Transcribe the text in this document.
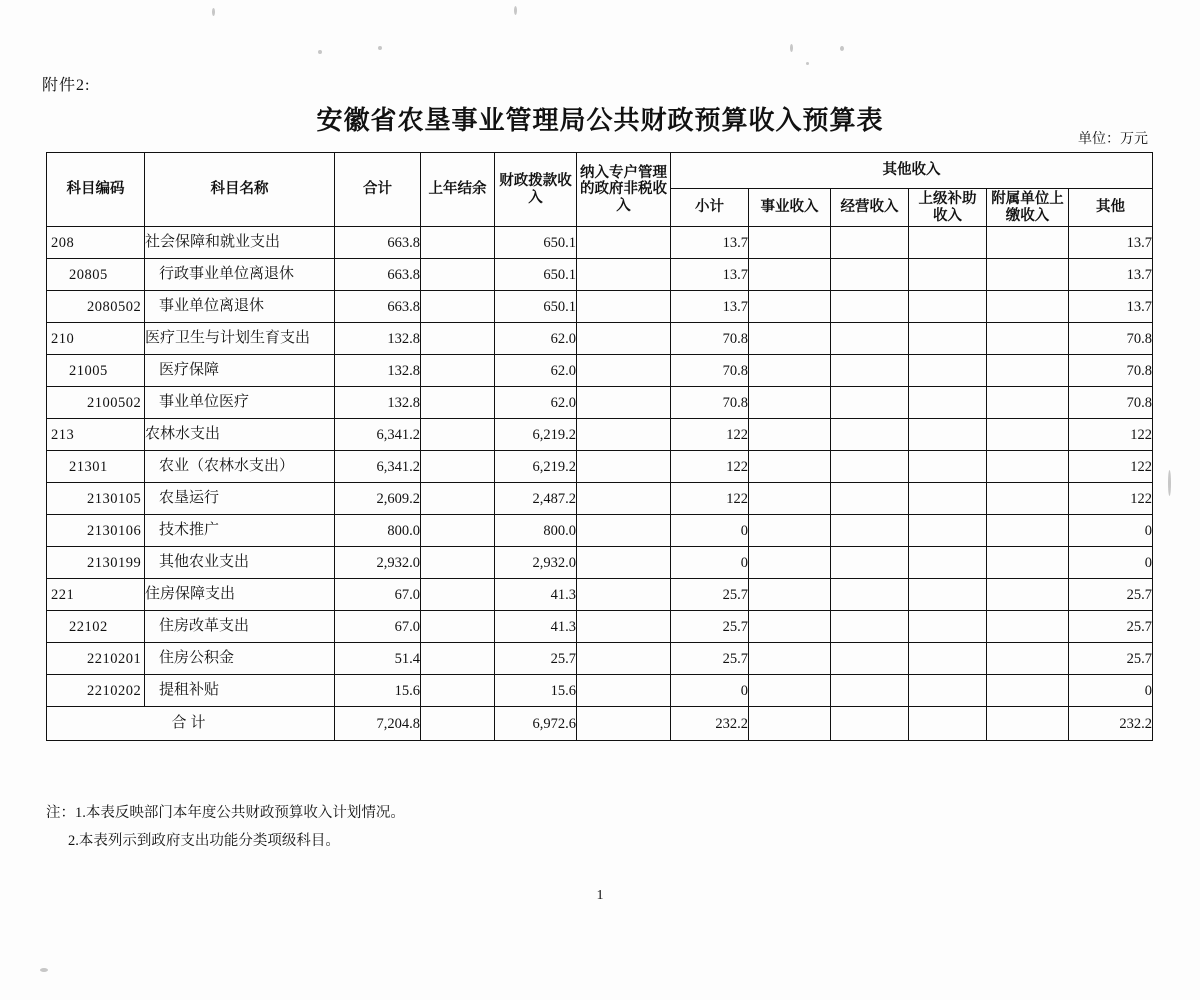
附件2:
安徽省农垦事业管理局公共财政预算收入预算表
单位：万元
科目编码	科目名称	合计	上年结余	财政拨款收入	纳入专户管理的政府非税收入	其他收入					
						小计	事业收入	经营收入	上级补助收入	附属单位上缴收入	其他
208	社会保障和就业支出	663.8		650.1		13.7					13.7
20805	行政事业单位离退休	663.8		650.1		13.7					13.7
2080502	事业单位离退休	663.8		650.1		13.7					13.7
210	医疗卫生与计划生育支出	132.8		62.0		70.8					70.8
21005	医疗保障	132.8		62.0		70.8					70.8
2100502	事业单位医疗	132.8		62.0		70.8					70.8
213	农林水支出	6,341.2		6,219.2		122					122
21301	农业（农林水支出）	6,341.2		6,219.2		122					122
2130105	农垦运行	2,609.2		2,487.2		122					122
2130106	技术推广	800.0		800.0		0					0
2130199	其他农业支出	2,932.0		2,932.0		0					0
221	住房保障支出	67.0		41.3		25.7					25.7
22102	住房改革支出	67.0		41.3		25.7					25.7
2210201	住房公积金	51.4		25.7		25.7					25.7
2210202	提租补贴	15.6		15.6		0					0
合计		7,204.8		6,972.6		232.2					232.2
注：1.本表反映部门本年度公共财政预算收入计划情况。
2.本表列示到政府支出功能分类项级科目。
1
